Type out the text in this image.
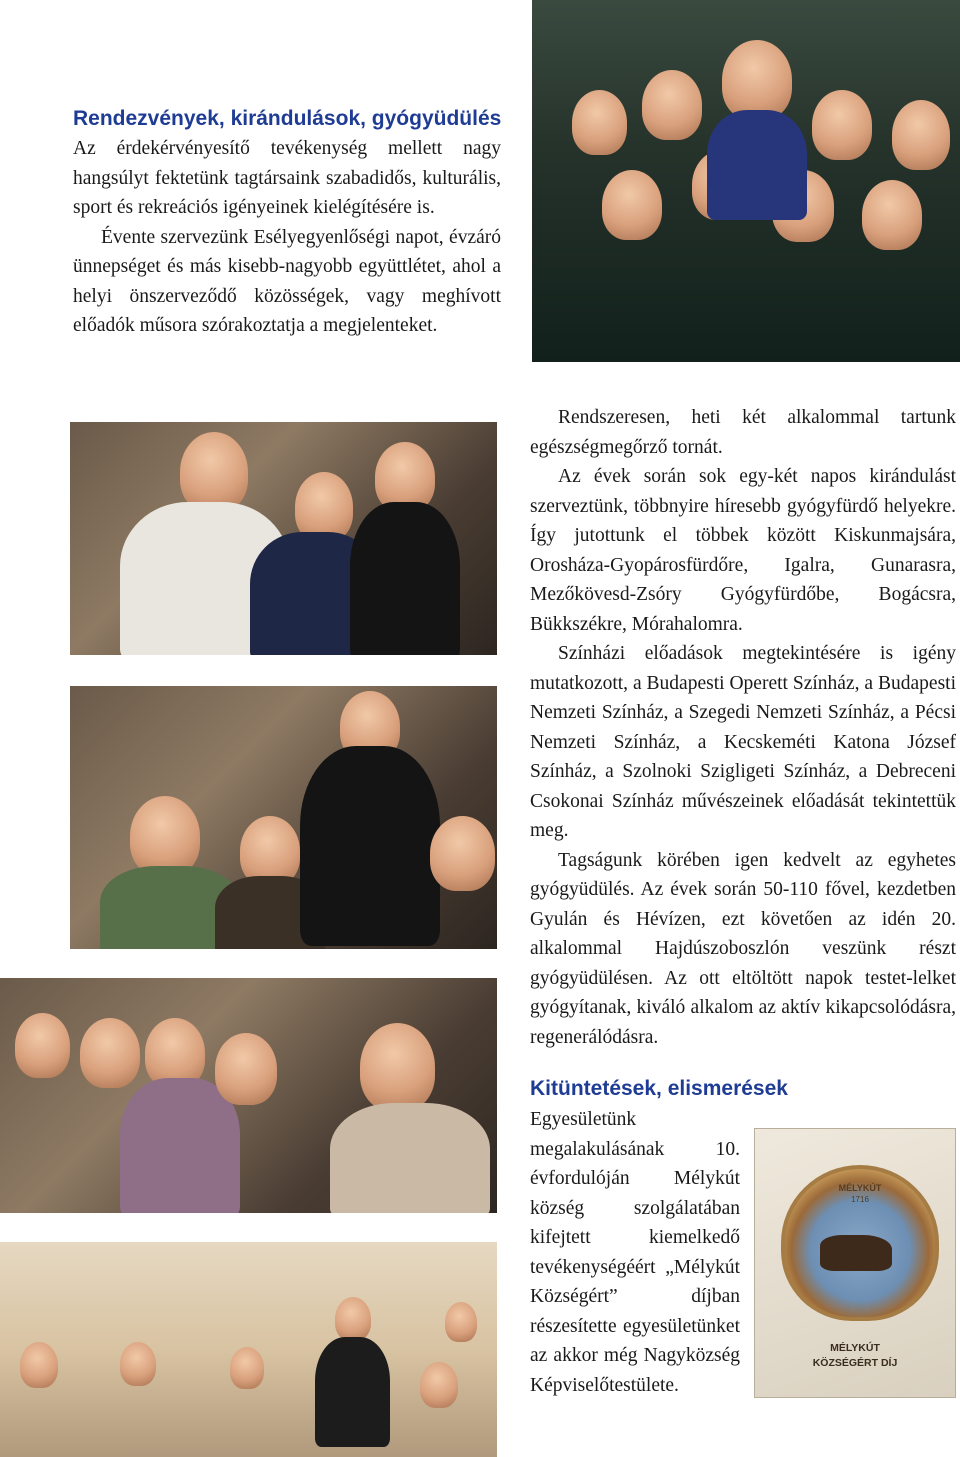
Rendezvények, kirándulások, gyógyüdülés

Az érdekérvényesítő tevékenység mellett nagy hangsúlyt fektetünk tagtársaink szabadidős, kulturális, sport és rekreációs igényeinek kielégítésére is.

Évente szervezünk Esélyegyenlőségi napot, évzáró ünnepséget és más kisebb-nagyobb együttlétet, ahol a helyi önszerveződő közösségek, vagy meghívott előadók műsora szórakoztatja a megjelenteket.

Rendszeresen, heti két alkalommal tartunk egészségmegőrző tornát.

Az évek során sok egy-két napos kirándulást szerveztünk, többnyire híresebb gyógyfürdő helyekre. Így jutottunk el többek között Kiskunmajsára, Orosháza-Gyopárosfürdőre, Igalra, Gunarasra, Mezőkövesd-Zsóry Gyógyfürdőbe, Bogácsra, Bükkszékre, Mórahalomra.

Színházi előadások megtekintésére is igény mutatkozott, a Budapesti Operett Színház, a Budapesti Nemzeti Színház, a Szegedi Nemzeti Színház, a Pécsi Nemzeti Színház, a Kecskeméti Katona József Színház, a Szolnoki Szigligeti Színház, a Debreceni Csokonai Színház művészeinek előadását tekintettük meg.

Tagságunk körében igen kedvelt az egyhetes gyógyüdülés. Az évek során 50-110 fővel, kezdetben Gyulán és Hévízen, ezt követően az idén 20. alkalommal Hajdúszoboszlón veszünk részt gyógyüdülésen. Az ott eltöltött napok testet-lelket gyógyítanak, kiváló alkalom az aktív kikapcsolódásra, regenerálódásra.

Kitüntetések, elismerések

Egyesületünk megalakulásának 10. évfordulóján Mélykút község szolgálatában kifejtett kiemelkedő tevékenységéért „Mélykút Községért” díjban részesítette egyesületünket az akkor még Nagyközség Képviselőtestülete.

MÉLYKÚT
1716
MÉLYKÚT
KÖZSÉGÉRT DÍJ
